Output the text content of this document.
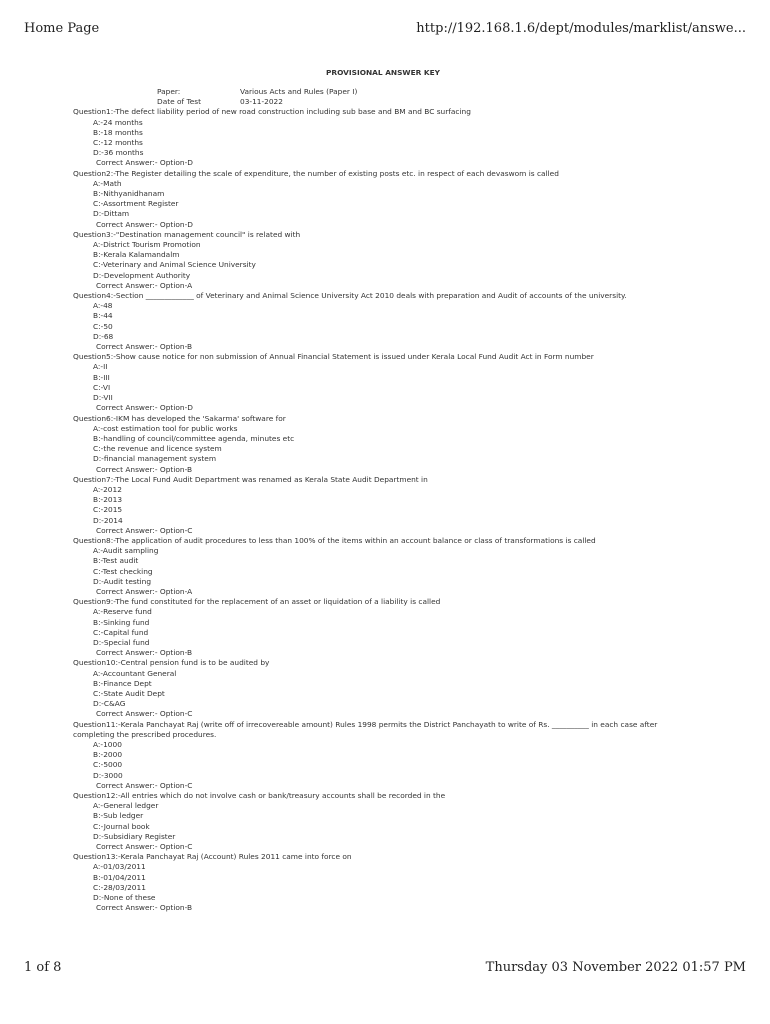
Home Page	http://192.168.1.6/dept/modules/marklist/answe...
PROVISIONAL ANSWER KEY
Paper:	Various Acts and Rules (Paper I)
Date of Test	03-11-2022
Question1:-The defect liability period of new road construction including sub base and BM and BC surfacing
A:-24 months
B:-18 months
C:-12 months
D:-36 months
Correct Answer:- Option-D
Question2:-The Register detailing the scale of expenditure, the number of existing posts etc. in respect of each devaswom is called
A:-Math
B:-Nithyanidhanam
C:-Assortment Register
D:-Dittam
Correct Answer:- Option-D
Question3:-"Destination management council" is related with
A:-District Tourism Promotion
B:-Kerala Kalamandalm
C:-Veterinary and Animal Science University
D:-Development Authority
Correct Answer:- Option-A
Question4:-Section _____________ of Veterinary and Animal Science University Act 2010 deals with preparation and Audit of accounts of the university.
A:-48
B:-44
C:-50
D:-68
Correct Answer:- Option-B
Question5:-Show cause notice for non submission of Annual Financial Statement is issued under Kerala Local Fund Audit Act in Form number
A:-II
B:-III
C:-VI
D:-VII
Correct Answer:- Option-D
Question6:-IKM has developed the 'Sakarma' software for
A:-cost estimation tool for public works
B:-handling of council/committee agenda, minutes etc
C:-the revenue and licence system
D:-financial management system
Correct Answer:- Option-B
Question7:-The Local Fund Audit Department was renamed as Kerala State Audit Department in
A:-2012
B:-2013
C:-2015
D:-2014
Correct Answer:- Option-C
Question8:-The application of audit procedures to less than 100% of the items within an account balance or class of transformations is called
A:-Audit sampling
B:-Test audit
C:-Test checking
D:-Audit testing
Correct Answer:- Option-A
Question9:-The fund constituted for the replacement of an asset or liquidation of a liability is called
A:-Reserve fund
B:-Sinking fund
C:-Capital fund
D:-Special fund
Correct Answer:- Option-B
Question10:-Central pension fund is to be audited by
A:-Accountant General
B:-Finance Dept
C:-State Audit Dept
D:-C&AG
Correct Answer:- Option-C
Question11:-Kerala Panchayat Raj (write off of irrecovereable amount) Rules 1998 permits the District Panchayath to write of Rs. __________ in each case after completing the prescribed procedures.
A:-1000
B:-2000
C:-5000
D:-3000
Correct Answer:- Option-C
Question12:-All entries which do not involve cash or bank/treasury accounts shall be recorded in the
A:-General ledger
B:-Sub ledger
C:-Journal book
D:-Subsidiary Register
Correct Answer:- Option-C
Question13:-Kerala Panchayat Raj (Account) Rules 2011 came into force on
A:-01/03/2011
B:-01/04/2011
C:-28/03/2011
D:-None of these
Correct Answer:- Option-B
1 of 8	Thursday 03 November 2022 01:57 PM
